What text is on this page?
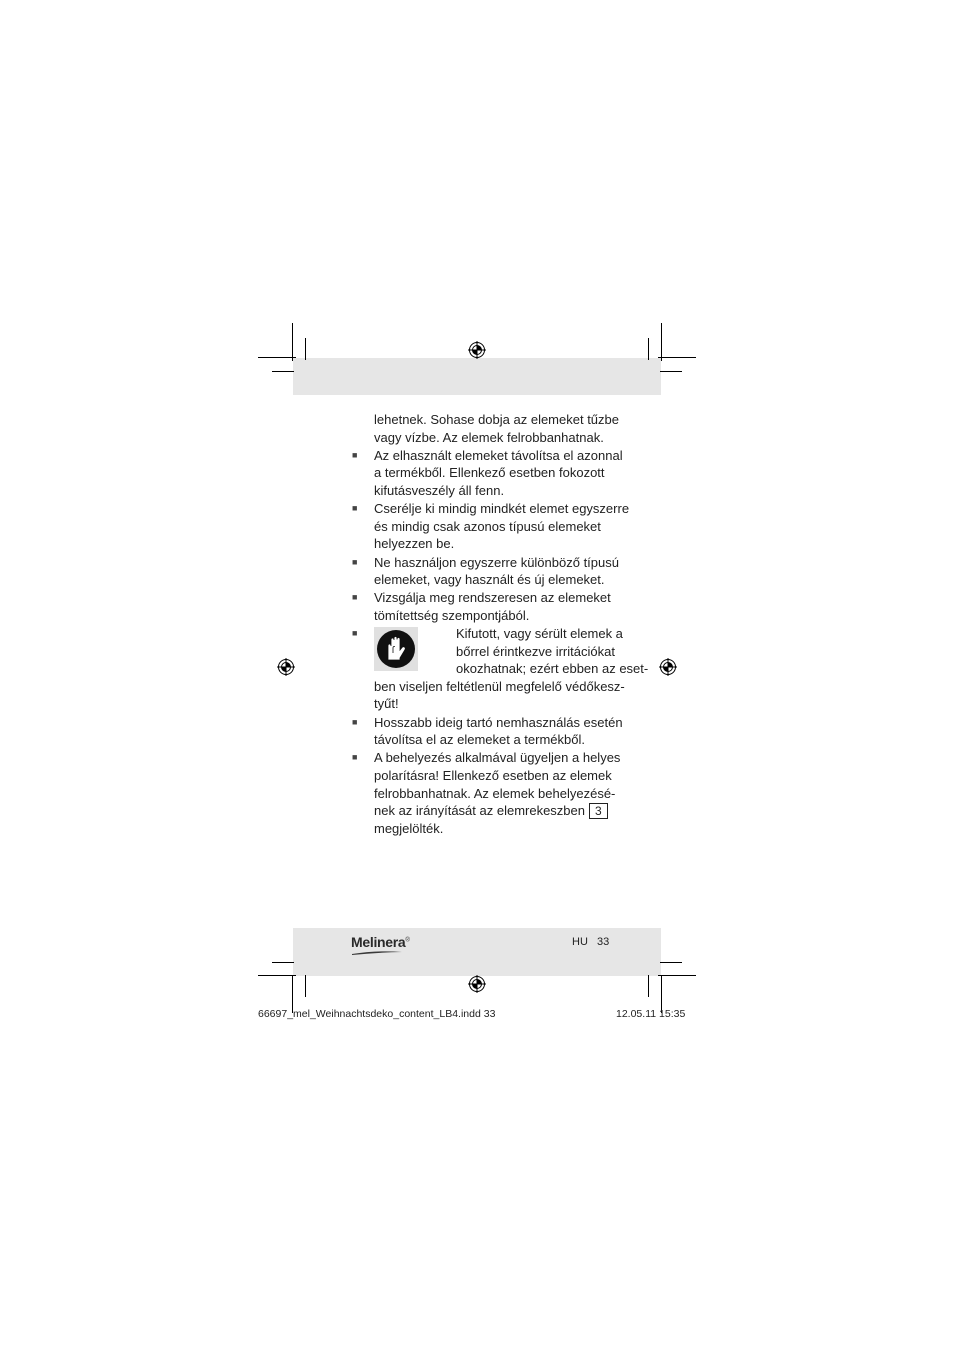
lehetnek. Sohase dobja az elemeket tűzbe
vagy vízbe. Az elemek felrobbanhatnak.
■ Az elhasznált elemeket távolítsa el azonnal
a termékből. Ellenkező esetben fokozott
kifutásveszély áll fenn.
■ Cserélje ki mindig mindkét elemet egyszerre
és mindig csak azonos típusú elemeket
helyezzen be.
■ Ne használjon egyszerre különböző típusú
elemeket, vagy használt és új elemeket.
■ Vizsgálja meg rendszeresen az elemeket
tömítettség szempontjából.
■	Kifutott, vagy sérült elemek a
bőrrel érintkezve irritációkat
okozhatnak; ezért ebben az eset-
ben viseljen feltétlenül megfelelő védőkesz-
tyűt!
■ Hosszabb ideig tartó nemhasználás esetén
távolítsa el az elemeket a termékből.
■ A behelyezés alkalmával ügyeljen a helyes
polarításra! Ellenkező esetben az elemek
felrobbanhatnak. Az elemek behelyezésé-
nek az irányítását az elemrekeszben 3
megjelölték.
Melinera®	HU 33
66697_mel_Weihnachtsdeko_content_LB4.indd 33	12.05.11 15:35
